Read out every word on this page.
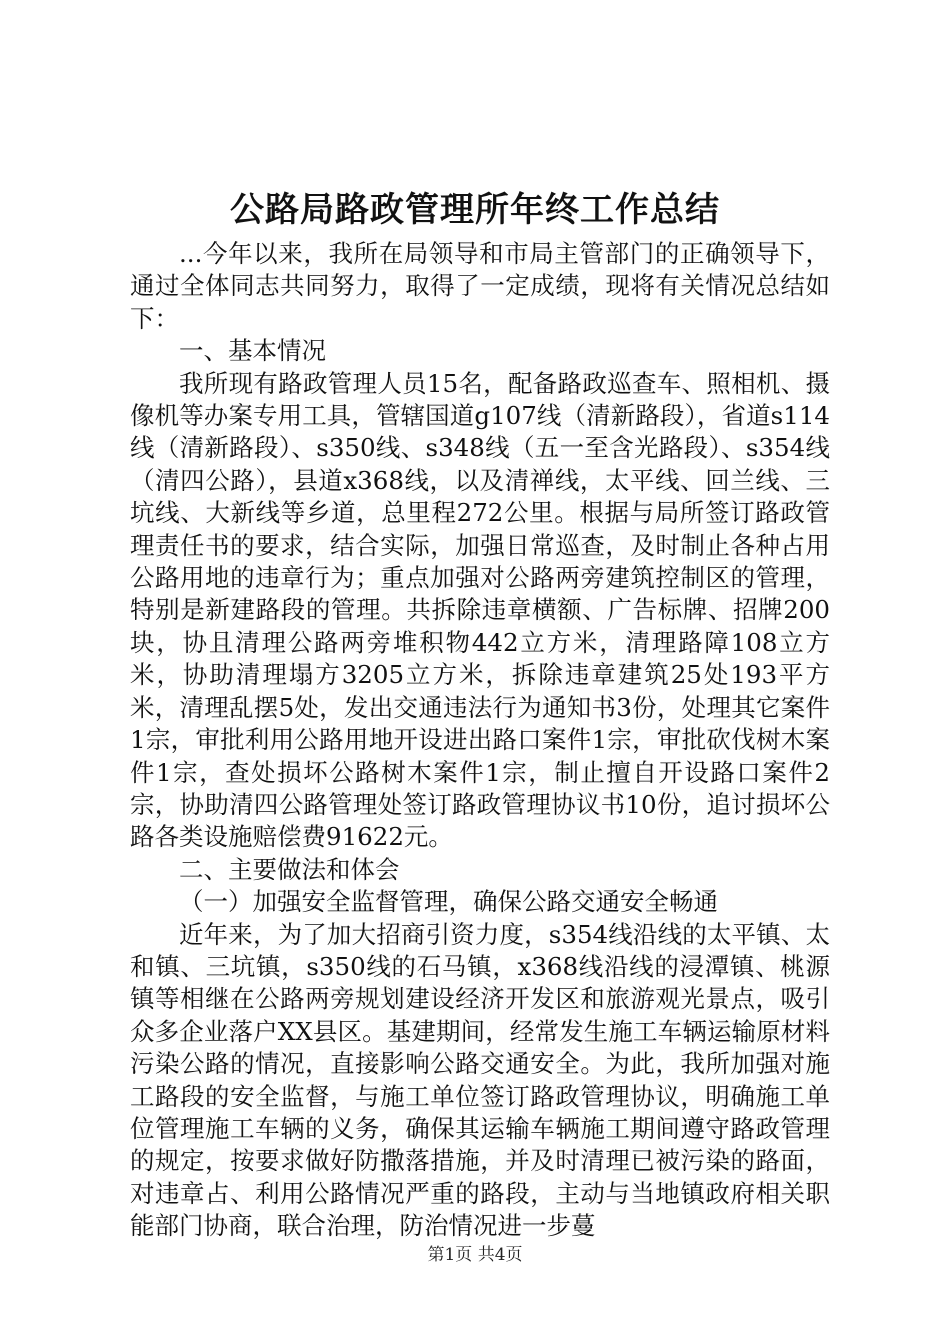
公路局路政管理所年终工作总结

...今年以来，我所在局领导和市局主管部门的正确领导下，通过全体同志共同努力，取得了一定成绩，现将有关情况总结如下：

一、基本情况

我所现有路政管理人员15名，配备路政巡查车、照相机、摄像机等办案专用工具，管辖国道g107线（清新路段），省道s114线（清新路段）、s350线、s348线（五一至含光路段）、s354线（清四公路），县道x368线，以及清禅线，太平线、回兰线、三坑线、大新线等乡道，总里程272公里。根据与局所签订路政管理责任书的要求，结合实际，加强日常巡查，及时制止各种占用公路用地的违章行为；重点加强对公路两旁建筑控制区的管理，特别是新建路段的管理。共拆除违章横额、广告标牌、招牌200块，协且清理公路两旁堆积物442立方米，清理路障108立方米，协助清理塌方3205立方米，拆除违章建筑25处193平方米，清理乱摆5处，发出交通违法行为通知书3份，处理其它案件1宗，审批利用公路用地开设进出路口案件1宗，审批砍伐树木案件1宗，查处损坏公路树木案件1宗，制止擅自开设路口案件2宗，协助清四公路管理处签订路政管理协议书10份，追讨损坏公路各类设施赔偿费91622元。

二、主要做法和体会

（一）加强安全监督管理，确保公路交通安全畅通

近年来，为了加大招商引资力度，s354线沿线的太平镇、太和镇、三坑镇，s350线的石马镇，x368线沿线的浸潭镇、桃源镇等相继在公路两旁规划建设经济开发区和旅游观光景点，吸引众多企业落户XX县区。基建期间，经常发生施工车辆运输原材料污染公路的情况，直接影响公路交通安全。为此，我所加强对施工路段的安全监督，与施工单位签订路政管理协议，明确施工单位管理施工车辆的义务，确保其运输车辆施工期间遵守路政管理的规定，按要求做好防撒落措施，并及时清理已被污染的路面，对违章占、利用公路情况严重的路段，主动与当地镇政府相关职能部门协商，联合治理，防治情况进一步蔓

第1页 共4页
